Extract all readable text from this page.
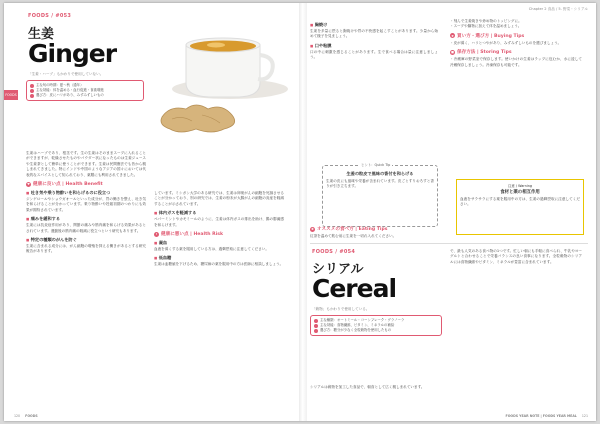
FOODS
FOODS / #053
生姜
Ginger
「生姜・ハーブ」もかわりで使用していない。
主な旬の時期：夏〜秋（通年）
主な効能：体を温める・血行促進・食欲増進
選び方：皮にハリがあり、みずみずしいもの
生姜はハーブであり、根茎です。生の生姜はそのままスープに入れることができますが、乾燥させたものやパウダー状になったものは生姜ジュースや生姜茶として簡単に使うことができます。生姜は民間療法でも昔から親しまれてきました。特にインドや中国のようなアジアの国々においては代表的なスパイスとして知られており、薬膳にも利用されてきました。
♥ 健康に良い点 | Health Benefit
■ 吐き気や乗り物酔いを和らげるのに役立つ
ジンゲロールやショウガオールといった成分が、胃の働きを整え、吐き気を和らげることが分かっています。乗り物酔いや妊娠初期のつわりにも効果が期待されています。
■ 痛みを緩和する
生姜には抗炎症作用があり、関節の痛みや筋肉痛を和らげる効果があるとされています。運動後の筋肉痛の軽減に役立つという研究もあります。
■ 特定の種類のがんを防ぐ
生姜に含まれる成分には、がん細胞の増殖を抑える働きがあるとする研究報告があります。
しています。ミシガン大学のある研究では、生姜は卵巣がんの細胞を死滅させることが分かっており、別の研究では、生姜の粉末が大腸がんの細胞の炎症を軽減することが示されています。
■ 体内ガスを軽減する
ペパーミントやカモミールのように、生姜は体内ガスの排出を助け、腸の膨満感を和らげます。
! 健康に悪い点 | Health Risk
■ 凝血
血液を薄くする薬を服用している方は、過剰摂取に注意してください。
■ 低血糖
生姜は血糖値を下げるため、糖尿病の薬を服用中の方は医師に相談しましょう。
120 FOODS
Chapter 2 食品 / 5. 野菜・シリアル
■ 胸焼け
生姜を多量に摂ると胸焼けや胃の不快感を起こすことがあります。少量から始めて様子を見ましょう。
■ 口や粘膜
口の中に刺激を感じることがあります。生で食べる場合は量に注意しましょう。
ヒント：Quick Tip
生姜の粒皮で風味の香付を和らげる
生姜の皮にも風味や栄養が含まれています。皮ごとすりおろすと香りが引き立ちます。
✱ オススメの食べ方 | Eating Tips
紅茶を温めて飲む前に生姜を一切れ入れてください。
・刻んで生姜焼きや炒め物のトッピングに。
・スープや鍋物に加えて体を温めましょう。
¥ 買い方・選び方 | Buying Tips
・皮が薄く、ハリとつやがあり、みずみずしいものを選びましょう。
■ 保存方法 | Storing Tips
・冷蔵庫の野菜室で保存します。使いかけの生姜はラップに包むか、水に浸して冷蔵保存しましょう。冷凍保存も可能です。
注意 / Warning
食材と薬の相互作用
血液をサラサラにする薬を服用中の方は、生姜の過剰摂取に注意してください。
FOODS / #054
シリアル
Cereal
「穀物」もかわりで使用している。
主な種類：オートミール・コーンフレーク・グラノーラ
主な効能：食物繊維、ビタミン、ミネラルの補給
選び方：糖分が少なく全粒穀物を使用したもの
シリアルは穀物を加工した食品で、朝食として広く親しまれています。
で、最も人気のある食べ物の1つです。忙しい朝にも手軽に食べられ、牛乳やヨーグルトと合わせることで栄養バランスの良い食事になります。全粒穀物のシリアルには食物繊維やビタミン、ミネラルが豊富に含まれています。
FOODS YEAR NOTE | FOODS YEAR MEAL 121
